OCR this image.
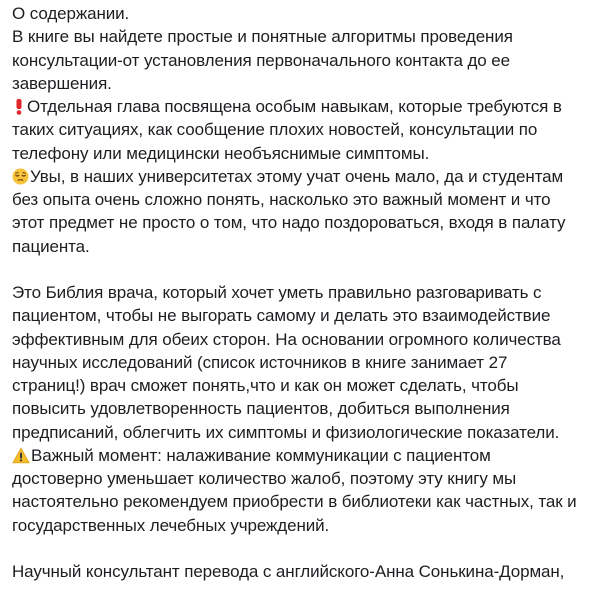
О содержании.
В книге вы найдете простые и понятные алгоритмы проведения
консультации-от установления первоначального контакта до ее
завершения.
Отдельная глава посвящена особым навыкам, которые требуются в
таких ситуациях, как сообщение плохих новостей, консультации по
телефону или медицински необъяснимые симптомы.
Увы, в наших университетах этому учат очень мало, да и студентам
без опыта очень сложно понять, насколько это важный момент и что
этот предмет не просто о том, что надо поздороваться, входя в палату
пациента.
Это Библия врача, который хочет уметь правильно разговаривать с
пациентом, чтобы не выгорать самому и делать это взаимодействие
эффективным для обеих сторон. На основании огромного количества
научных исследований (список источников в книге занимает 27
страниц!) врач сможет понять,что и как он может сделать, чтобы
повысить удовлетворенность пациентов, добиться выполнения
предписаний, облегчить их симптомы и физиологические показатели.
Важный момент: налаживание коммуникации с пациентом
достоверно уменьшает количество жалоб, поэтому эту книгу мы
настоятельно рекомендуем приобрести в библиотеки как частных, так и
государственных лечебных учреждений.
Научный консультант перевода с английского-Анна Сонькина-Дорман,
